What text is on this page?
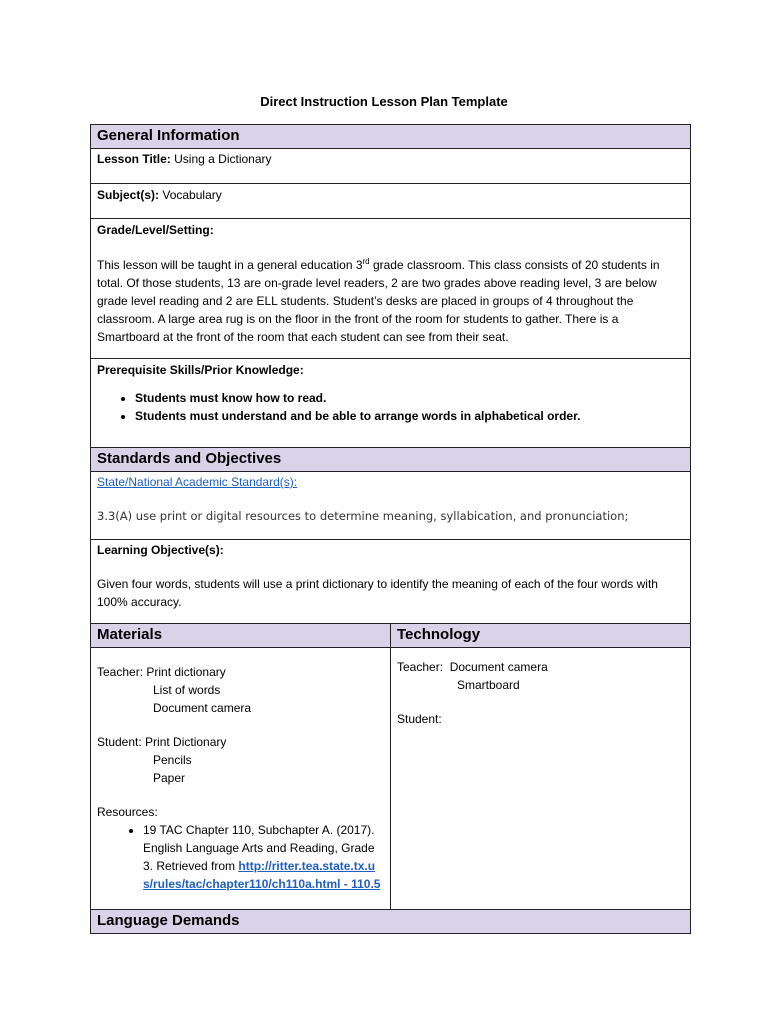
Direct Instruction Lesson Plan Template
General Information
Lesson Title: Using a Dictionary
Subject(s): Vocabulary
Grade/Level/Setting:
This lesson will be taught in a general education 3rd grade classroom. This class consists of 20 students in total. Of those students, 13 are on-grade level readers, 2 are two grades above reading level, 3 are below grade level reading and 2 are ELL students. Student’s desks are placed in groups of 4 throughout the classroom. A large area rug is on the floor in the front of the room for students to gather. There is a Smartboard at the front of the room that each student can see from their seat.
Prerequisite Skills/Prior Knowledge:
• Students must know how to read.
• Students must understand and be able to arrange words in alphabetical order.
Standards and Objectives
State/National Academic Standard(s):
3.3(A) use print or digital resources to determine meaning, syllabication, and pronunciation;
Learning Objective(s):
Given four words, students will use a print dictionary to identify the meaning of each of the four words with 100% accuracy.
Materials	Technology
Teacher: Print dictionary
List of words
Document camera
Student: Print Dictionary
Pencils
Paper
Resources:
• 19 TAC Chapter 110, Subchapter A. (2017). English Language Arts and Reading, Grade 3. Retrieved from http://ritter.tea.state.tx.us/rules/tac/chapter110/ch110a.html - 110.5
Teacher: Document camera
Smartboard
Student:
Language Demands
